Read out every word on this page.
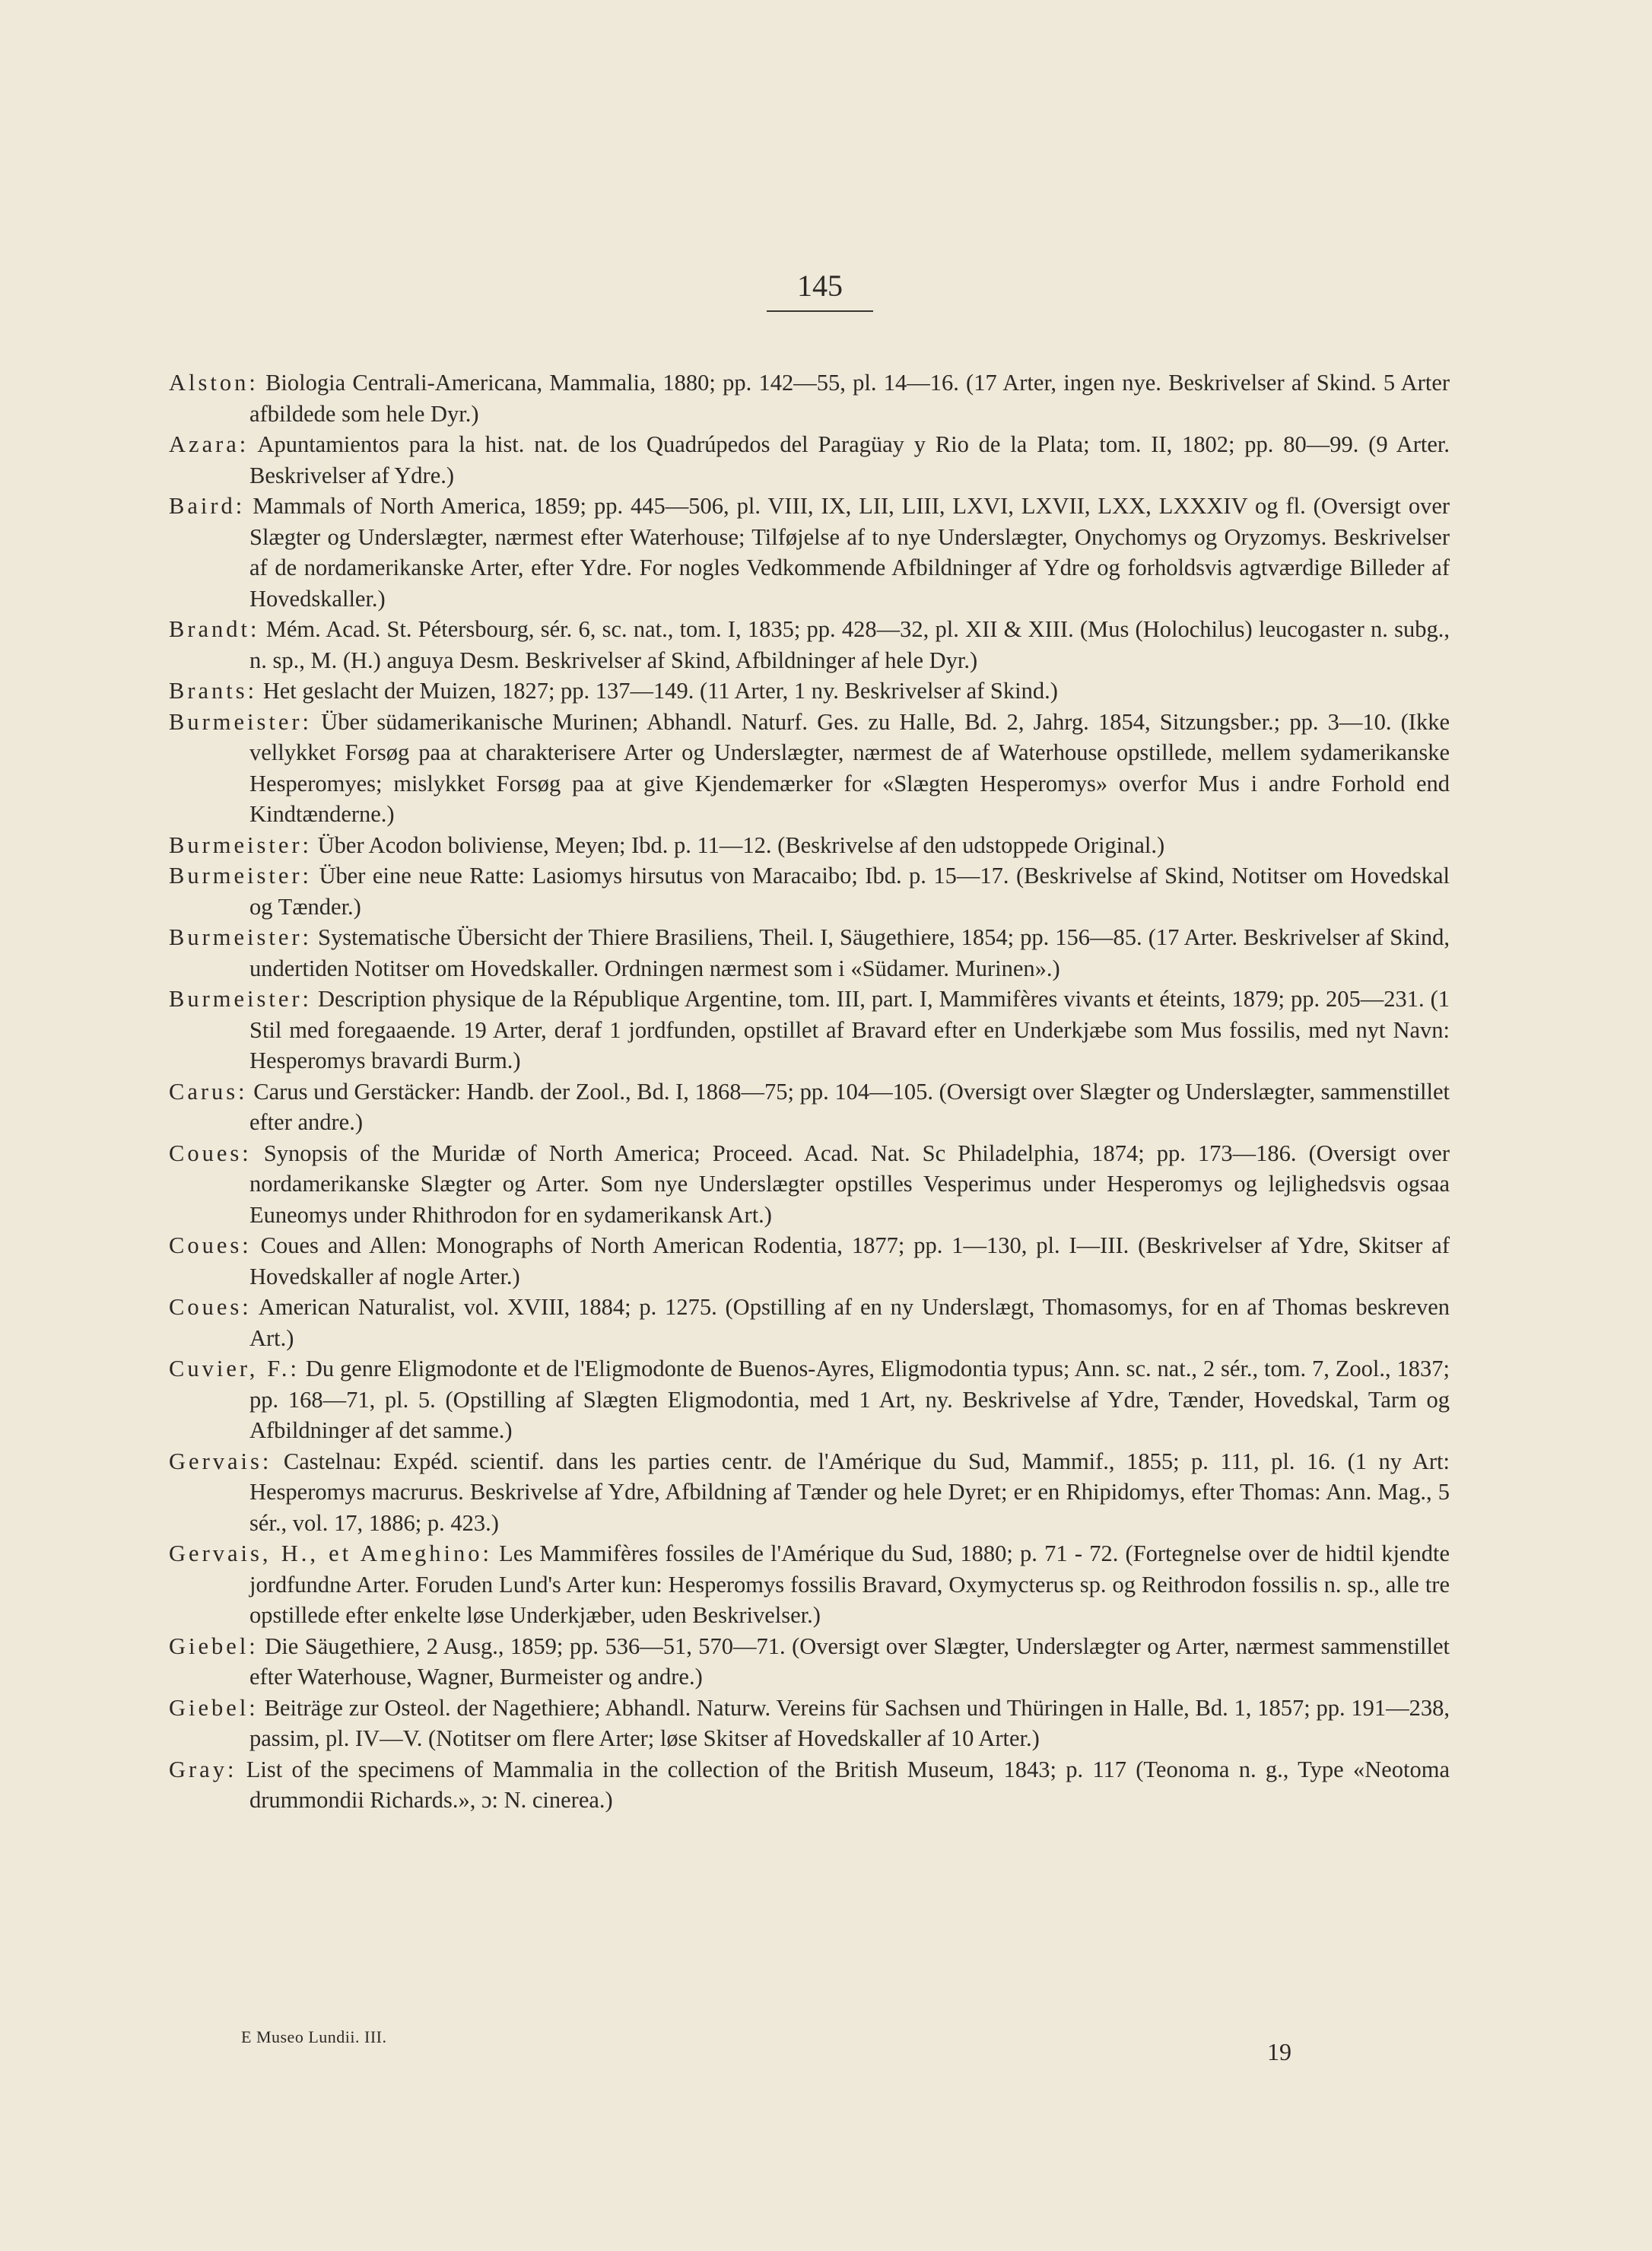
145
Alston: Biologia Centrali-Americana, Mammalia, 1880; pp. 142—55, pl. 14—16. (17 Arter, ingen nye. Beskrivelser af Skind. 5 Arter afbildede som hele Dyr.)
Azara: Apuntamientos para la hist. nat. de los Quadrúpedos del Paragüay y Rio de la Plata; tom. II, 1802; pp. 80—99. (9 Arter. Beskrivelser af Ydre.)
Baird: Mammals of North America, 1859; pp. 445—506, pl. VIII, IX, LII, LIII, LXVI, LXVII, LXX, LXXXIV og fl. (Oversigt over Slægter og Underslægter, nærmest efter Waterhouse; Tilføjelse af to nye Underslægter, Onychomys og Oryzomys. Beskrivelser af de nordamerikanske Arter, efter Ydre. For nogles Vedkommende Afbildninger af Ydre og forholdsvis agtværdige Billeder af Hovedskaller.)
Brandt: Mém. Acad. St. Pétersbourg, sér. 6, sc. nat., tom. I, 1835; pp. 428—32, pl. XII & XIII. (Mus (Holochilus) leucogaster n. subg., n. sp., M. (H.) anguya Desm. Beskrivelser af Skind, Afbildninger af hele Dyr.)
Brants: Het geslacht der Muizen, 1827; pp. 137—149. (11 Arter, 1 ny. Beskrivelser af Skind.)
Burmeister: Über südamerikanische Murinen; Abhandl. Naturf. Ges. zu Halle, Bd. 2, Jahrg. 1854, Sitzungsber.; pp. 3—10. (Ikke vellykket Forsøg paa at charakterisere Arter og Underslægter, nærmest de af Waterhouse opstillede, mellem sydamerikanske Hesperomyes; mislykket Forsøg paa at give Kjendemærker for «Slægten Hesperomys» overfor Mus i andre Forhold end Kindtænderne.)
Burmeister: Über Acodon boliviense, Meyen; Ibd. p. 11—12. (Beskrivelse af den udstoppede Original.)
Burmeister: Über eine neue Ratte: Lasiomys hirsutus von Maracaibo; Ibd. p. 15—17. (Beskrivelse af Skind, Notitser om Hovedskal og Tænder.)
Burmeister: Systematische Übersicht der Thiere Brasiliens, Theil. I, Säugethiere, 1854; pp. 156—85. (17 Arter. Beskrivelser af Skind, undertiden Notitser om Hovedskaller. Ordningen nærmest som i «Südamer. Murinen».)
Burmeister: Description physique de la République Argentine, tom. III, part. I, Mammifères vivants et éteints, 1879; pp. 205—231. (1 Stil med foregaaende. 19 Arter, deraf 1 jordfunden, opstillet af Bravard efter en Underkjæbe som Mus fossilis, med nyt Navn: Hesperomys bravardi Burm.)
Carus: Carus und Gerstäcker: Handb. der Zool., Bd. I, 1868—75; pp. 104—105. (Oversigt over Slægter og Underslægter, sammenstillet efter andre.)
Coues: Synopsis of the Muridæ of North America; Proceed. Acad. Nat. Sc Philadelphia, 1874; pp. 173—186. (Oversigt over nordamerikanske Slægter og Arter. Som nye Underslægter opstilles Vesperimus under Hesperomys og lejlighedsvis ogsaa Euneomys under Rhithrodon for en sydamerikansk Art.)
Coues: Coues and Allen: Monographs of North American Rodentia, 1877; pp. 1—130, pl. I—III. (Beskrivelser af Ydre, Skitser af Hovedskaller af nogle Arter.)
Coues: American Naturalist, vol. XVIII, 1884; p. 1275. (Opstilling af en ny Underslægt, Thomasomys, for en af Thomas beskreven Art.)
Cuvier, F.: Du genre Eligmodonte et de l'Eligmodonte de Buenos-Ayres, Eligmodontia typus; Ann. sc. nat., 2 sér., tom. 7, Zool., 1837; pp. 168—71, pl. 5. (Opstilling af Slægten Eligmodontia, med 1 Art, ny. Beskrivelse af Ydre, Tænder, Hovedskal, Tarm og Afbildninger af det samme.)
Gervais: Castelnau: Expéd. scientif. dans les parties centr. de l'Amérique du Sud, Mammif., 1855; p. 111, pl. 16. (1 ny Art: Hesperomys macrurus. Beskrivelse af Ydre, Afbildning af Tænder og hele Dyret; er en Rhipidomys, efter Thomas: Ann. Mag., 5 sér., vol. 17, 1886; p. 423.)
Gervais, H., et Ameghino: Les Mammifères fossiles de l'Amérique du Sud, 1880; p. 71 - 72. (Fortegnelse over de hidtil kjendte jordfundne Arter. Foruden Lund's Arter kun: Hesperomys fossilis Bravard, Oxymycterus sp. og Reithrodon fossilis n. sp., alle tre opstillede efter enkelte løse Underkjæber, uden Beskrivelser.)
Giebel: Die Säugethiere, 2 Ausg., 1859; pp. 536—51, 570—71. (Oversigt over Slægter, Underslægter og Arter, nærmest sammenstillet efter Waterhouse, Wagner, Burmeister og andre.)
Giebel: Beiträge zur Osteol. der Nagethiere; Abhandl. Naturw. Vereins für Sachsen und Thüringen in Halle, Bd. 1, 1857; pp. 191—238, passim, pl. IV—V. (Notitser om flere Arter; løse Skitser af Hovedskaller af 10 Arter.)
Gray: List of the specimens of Mammalia in the collection of the British Museum, 1843; p. 117 (Teonoma n. g., Type «Neotoma drummondii Richards.», ɔ: N. cinerea.)
E Museo Lundii. III.
19
